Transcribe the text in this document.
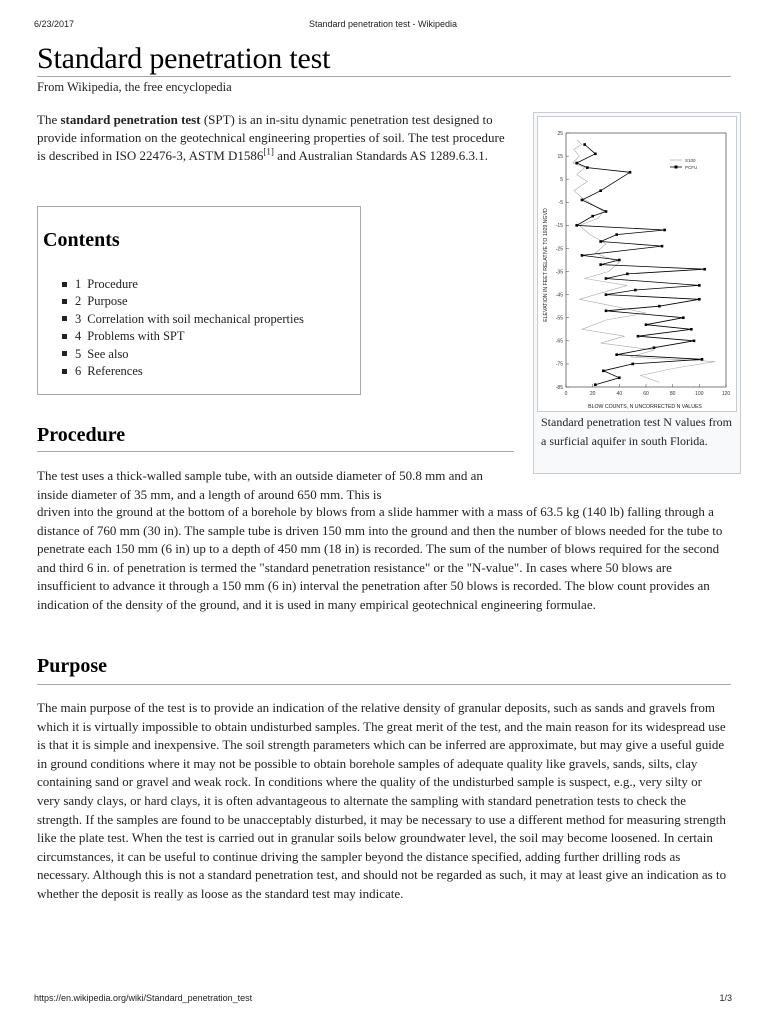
6/23/2017	Standard penetration test - Wikipedia
Standard penetration test
From Wikipedia, the free encyclopedia
The standard penetration test (SPT) is an in-situ dynamic penetration test designed to provide information on the geotechnical engineering properties of soil. The test procedure is described in ISO 22476-3, ASTM D1586[1] and Australian Standards AS 1289.6.3.1.
Contents
1 Procedure
2 Purpose
3 Correlation with soil mechanical properties
4 Problems with SPT
5 See also
6 References
ELEVATION IN FEET RELATIVE TO 1929 NGVD
BLOW COUNTS, N UNCORRECTED N VALUES
S100
PCFU
25
15
5
-5
-15
-25
-35
-45
-55
-65
-75
-85
0	20	40	60	80	100	120
Standard penetration test N values from a surficial aquifer in south Florida.
Procedure
The test uses a thick-walled sample tube, with an outside diameter of 50.8 mm and an inside diameter of 35 mm, and a length of around 650 mm. This is
driven into the ground at the bottom of a borehole by blows from a slide hammer with a mass of 63.5 kg (140 lb) falling through a distance of 760 mm (30 in). The sample tube is driven 150 mm into the ground and then the number of blows needed for the tube to penetrate each 150 mm (6 in) up to a depth of 450 mm (18 in) is recorded. The sum of the number of blows required for the second and third 6 in. of penetration is termed the "standard penetration resistance" or the "N-value". In cases where 50 blows are insufficient to advance it through a 150 mm (6 in) interval the penetration after 50 blows is recorded. The blow count provides an indication of the density of the ground, and it is used in many empirical geotechnical engineering formulae.
Purpose
The main purpose of the test is to provide an indication of the relative density of granular deposits, such as sands and gravels from which it is virtually impossible to obtain undisturbed samples. The great merit of the test, and the main reason for its widespread use is that it is simple and inexpensive. The soil strength parameters which can be inferred are approximate, but may give a useful guide in ground conditions where it may not be possible to obtain borehole samples of adequate quality like gravels, sands, silts, clay containing sand or gravel and weak rock. In conditions where the quality of the undisturbed sample is suspect, e.g., very silty or very sandy clays, or hard clays, it is often advantageous to alternate the sampling with standard penetration tests to check the strength. If the samples are found to be unacceptably disturbed, it may be necessary to use a different method for measuring strength like the plate test. When the test is carried out in granular soils below groundwater level, the soil may become loosened. In certain circumstances, it can be useful to continue driving the sampler beyond the distance specified, adding further drilling rods as necessary. Although this is not a standard penetration test, and should not be regarded as such, it may at least give an indication as to whether the deposit is really as loose as the standard test may indicate.
https://en.wikipedia.org/wiki/Standard_penetration_test	1/3
